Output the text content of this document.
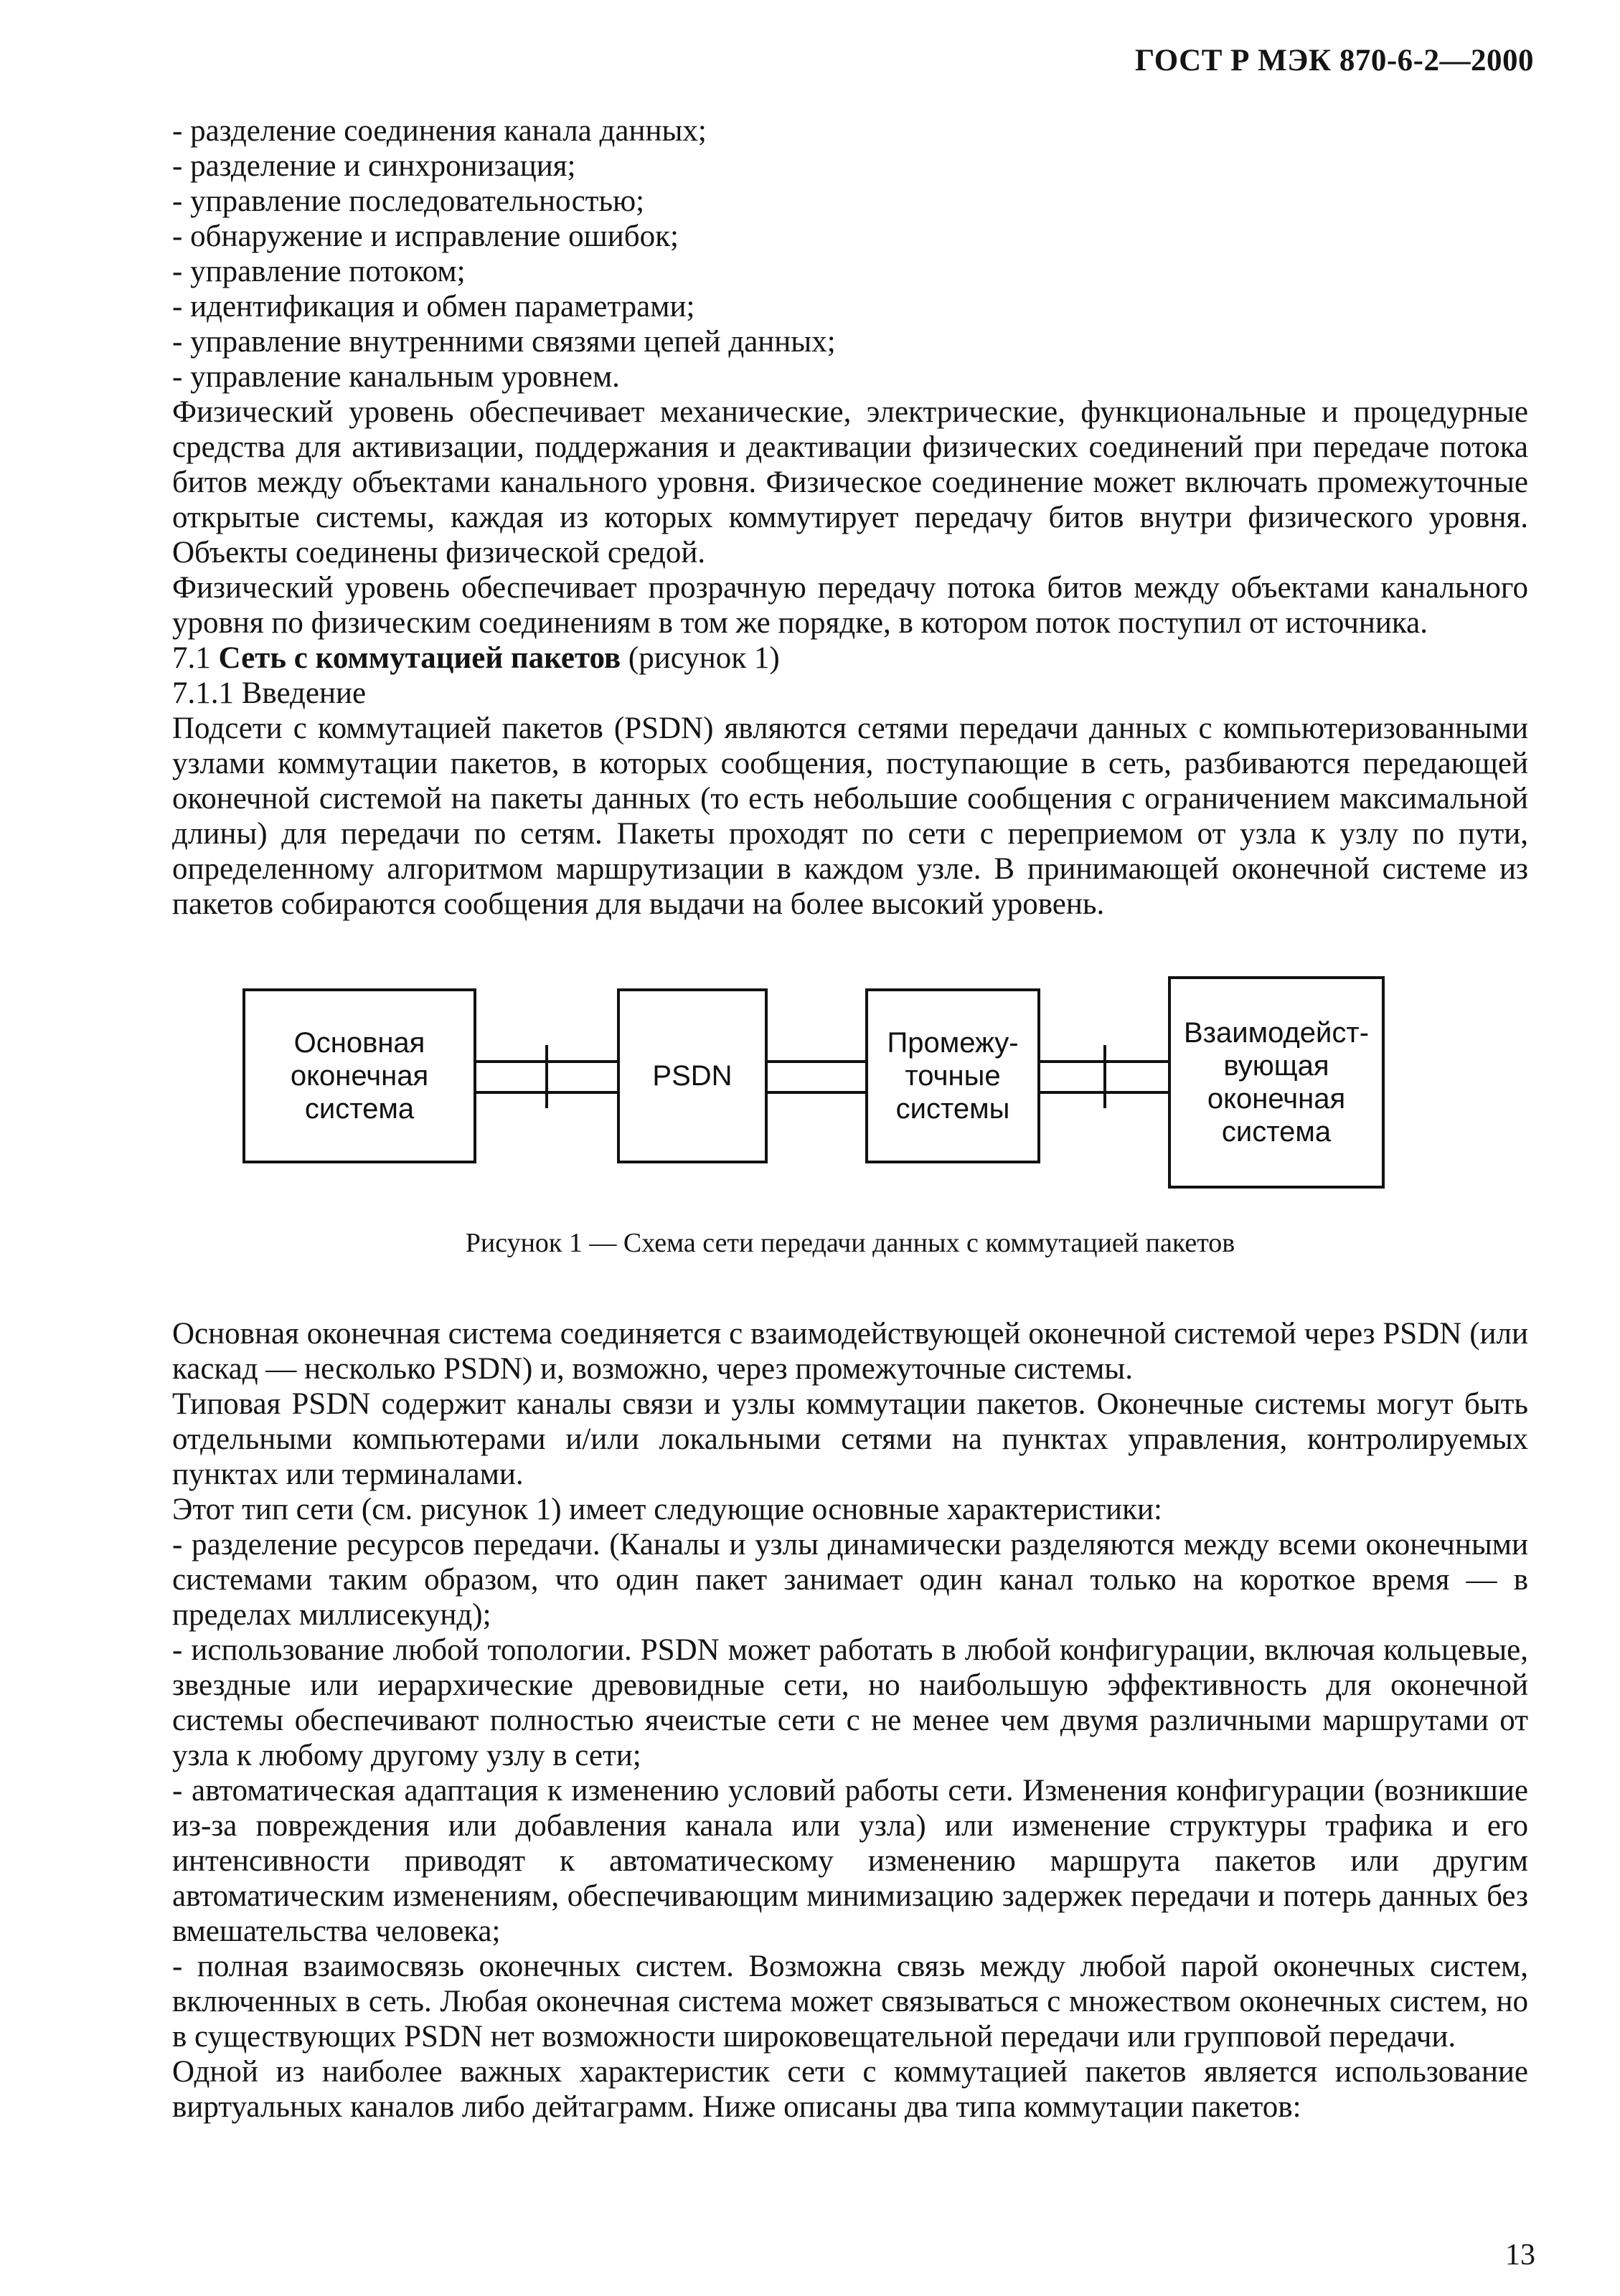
ГОСТ Р МЭК 870-6-2—2000

- разделение соединения канала данных;

- разделение и синхронизация;

- управление последовательностью;

- обнаружение и исправление ошибок;

- управление потоком;

- идентификация и обмен параметрами;

- управление внутренними связями цепей данных;

- управление канальным уровнем.

Физический уровень обеспечивает механические, электрические, функциональные и процедурные средства для активизации, поддержания и деактивации физических соединений при передаче потока битов между объектами канального уровня. Физическое соединение может включать промежуточные открытые системы, каждая из которых коммутирует передачу битов внутри физического уровня. Объекты соединены физической средой.

Физический уровень обеспечивает прозрачную передачу потока битов между объектами канального уровня по физическим соединениям в том же порядке, в котором поток поступил от источника.

7.1 Сеть с коммутацией пакетов (рисунок 1)

7.1.1 Введение

Подсети с коммутацией пакетов (PSDN) являются сетями передачи данных с компьютеризованными узлами коммутации пакетов, в которых сообщения, поступающие в сеть, разбиваются передающей оконечной системой на пакеты данных (то есть небольшие сообщения с ограничением максимальной длины) для передачи по сетям. Пакеты проходят по сети с переприемом от узла к узлу по пути, определенному алгоритмом маршрутизации в каждом узле. В принимающей оконечной системе из пакетов собираются сообщения для выдачи на более высокий уровень.

Основная
оконечная
система
PSDN
Промежу-
точные
системы
Взаимодейст-
вующая
оконечная
система
Рисунок 1 — Схема сети передачи данных с коммутацией пакетов

Основная оконечная система соединяется с взаимодействующей оконечной системой через PSDN (или каскад — несколько PSDN) и, возможно, через промежуточные системы.

Типовая PSDN содержит каналы связи и узлы коммутации пакетов. Оконечные системы могут быть отдельными компьютерами и/или локальными сетями на пунктах управления, контролируемых пунктах или терминалами.

Этот тип сети (см. рисунок 1) имеет следующие основные характеристики:

- разделение ресурсов передачи. (Каналы и узлы динамически разделяются между всеми оконечными системами таким образом, что один пакет занимает один канал только на короткое время — в пределах миллисекунд);

- использование любой топологии. PSDN может работать в любой конфигурации, включая кольцевые, звездные или иерархические древовидные сети, но наибольшую эффективность для оконечной системы обеспечивают полностью ячеистые сети с не менее чем двумя различными маршрутами от узла к любому другому узлу в сети;

- автоматическая адаптация к изменению условий работы сети. Изменения конфигурации (возникшие из-за повреждения или добавления канала или узла) или изменение структуры трафика и его интенсивности приводят к автоматическому изменению маршрута пакетов или другим автоматическим изменениям, обеспечивающим минимизацию задержек передачи и потерь данных без вмешательства человека;

- полная взаимосвязь оконечных систем. Возможна связь между любой парой оконечных систем, включенных в сеть. Любая оконечная система может связываться с множеством оконечных систем, но в существующих PSDN нет возможности широковещательной передачи или групповой передачи.

Одной из наиболее важных характеристик сети с коммутацией пакетов является использование виртуальных каналов либо дейтаграмм. Ниже описаны два типа коммутации пакетов:

13
